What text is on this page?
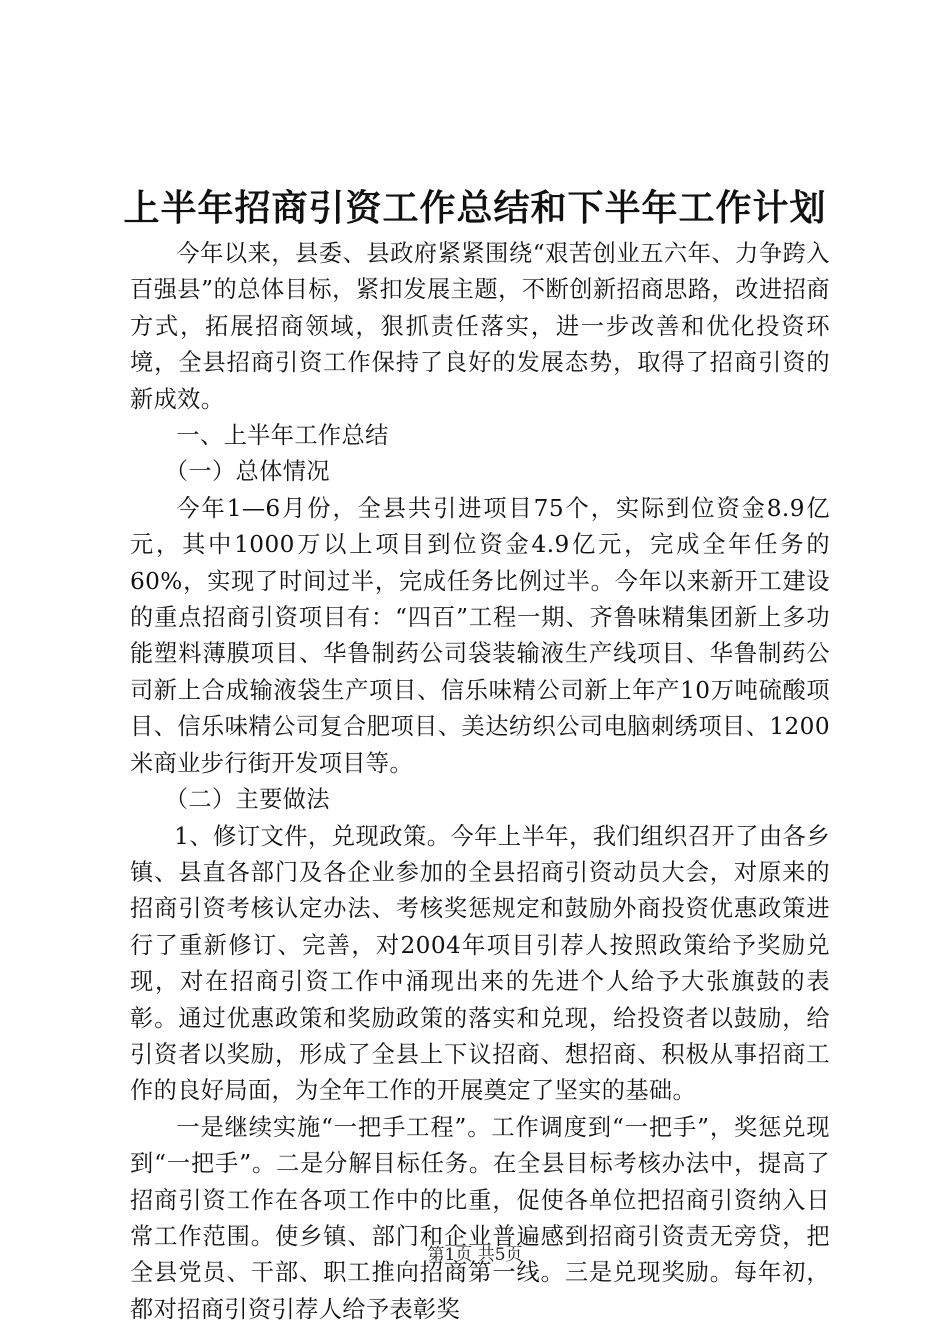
上半年招商引资工作总结和下半年工作计划

今年以来，县委、县政府紧紧围绕“艰苦创业五六年、力争跨入百强县”的总体目标，紧扣发展主题，不断创新招商思路，改进招商方式，拓展招商领域，狠抓责任落实，进一步改善和优化投资环境，全县招商引资工作保持了良好的发展态势，取得了招商引资的新成效。

一、上半年工作总结

（一）总体情况

今年1—6月份，全县共引进项目75个，实际到位资金8.9亿元，其中1000万以上项目到位资金4.9亿元，完成全年任务的60%，实现了时间过半，完成任务比例过半。今年以来新开工建设的重点招商引资项目有：“四百”工程一期、齐鲁味精集团新上多功能塑料薄膜项目、华鲁制药公司袋装输液生产线项目、华鲁制药公司新上合成输液袋生产项目、信乐味精公司新上年产10万吨硫酸项目、信乐味精公司复合肥项目、美达纺织公司电脑刺绣项目、1200米商业步行街开发项目等。

（二）主要做法

1、修订文件，兑现政策。今年上半年，我们组织召开了由各乡镇、县直各部门及各企业参加的全县招商引资动员大会，对原来的招商引资考核认定办法、考核奖惩规定和鼓励外商投资优惠政策进行了重新修订、完善，对2004年项目引荐人按照政策给予奖励兑现，对在招商引资工作中涌现出来的先进个人给予大张旗鼓的表彰。通过优惠政策和奖励政策的落实和兑现，给投资者以鼓励，给引资者以奖励，形成了全县上下议招商、想招商、积极从事招商工作的良好局面，为全年工作的开展奠定了坚实的基础。

一是继续实施“一把手工程”。工作调度到“一把手”，奖惩兑现到“一把手”。二是分解目标任务。在全县目标考核办法中，提高了招商引资工作在各项工作中的比重，促使各单位把招商引资纳入日常工作范围。使乡镇、部门和企业普遍感到招商引资责无旁贷，把全县党员、干部、职工推向招商第一线。三是兑现奖励。每年初，都对招商引资引荐人给予表彰奖

第1页 共5页
